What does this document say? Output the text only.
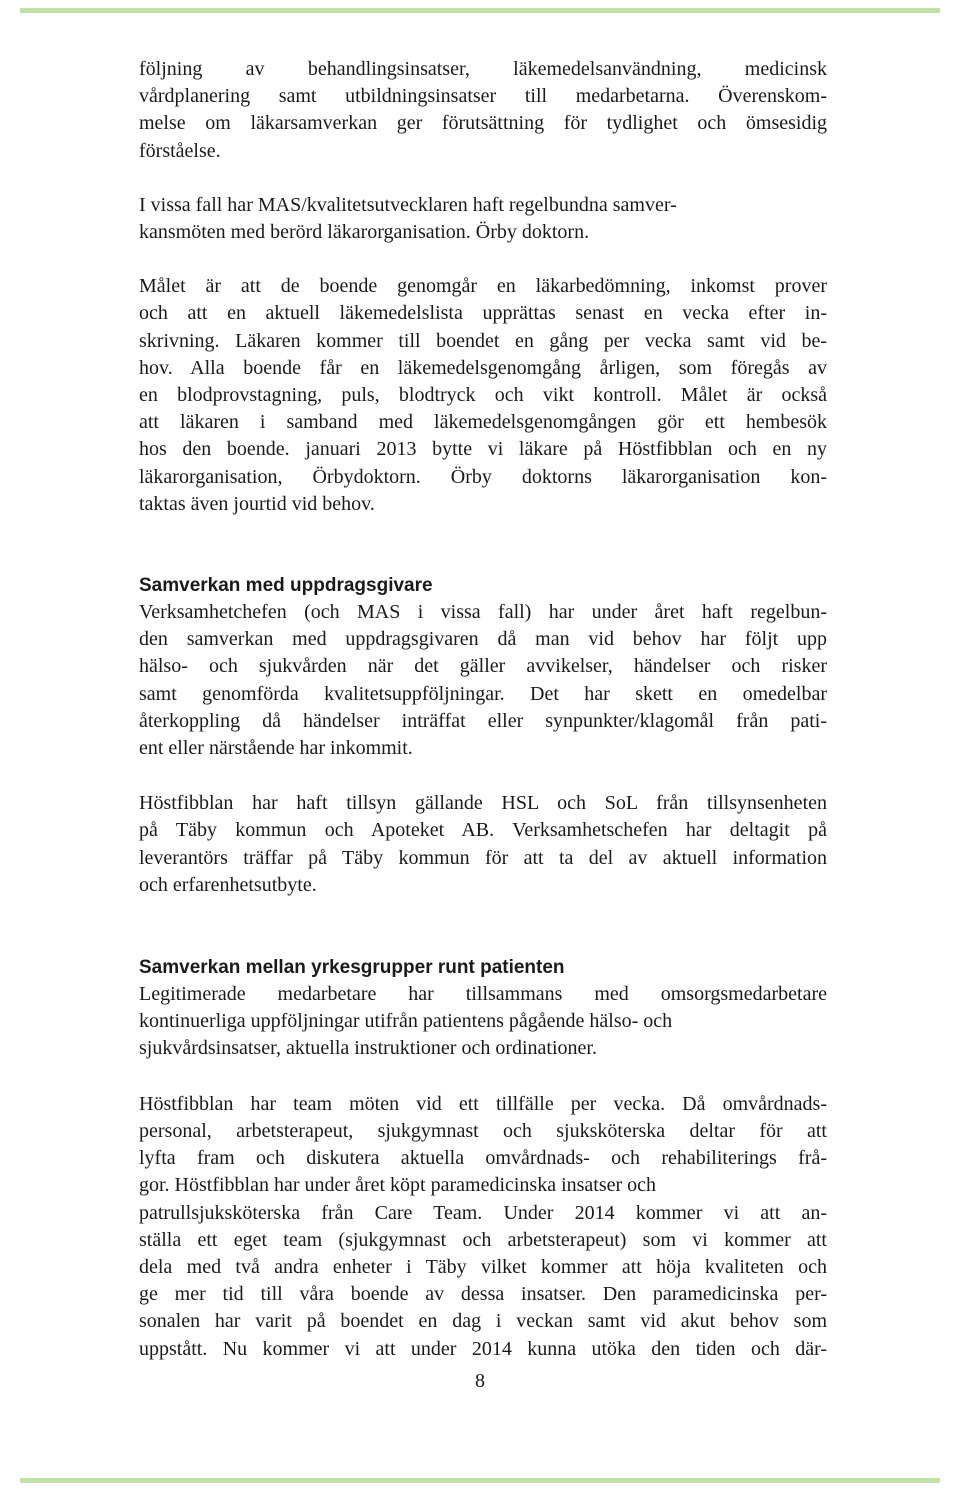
följning av behandlingsinsatser, läkemedelsanvändning, medicinsk
vårdplanering samt utbildningsinsatser till medarbetarna. Överenskom-
melse om läkarsamverkan ger förutsättning för tydlighet och ömsesidig
förståelse.

I vissa fall har MAS/kvalitetsutvecklaren haft regelbundna samver-
kansmöten med berörd läkarorganisation. Örby doktorn.

Målet är att de boende genomgår en läkarbedömning, inkomst prover
och att en aktuell läkemedelslista upprättas senast en vecka efter in-
skrivning. Läkaren kommer till boendet en gång per vecka samt vid be-
hov. Alla boende får en läkemedelsgenomgång årligen, som föregås av
en blodprovstagning, puls, blodtryck och vikt kontroll. Målet är också
att läkaren i samband med läkemedelsgenomgången gör ett hembesök
hos den boende. januari 2013 bytte vi läkare på Höstfibblan och en ny
läkarorganisation, Örbydoktorn. Örby doktorns läkarorganisation kon-
taktas även jourtid vid behov.

Samverkan med uppdragsgivare

Verksamhetchefen (och MAS i vissa fall) har under året haft regelbun-
den samverkan med uppdragsgivaren då man vid behov har följt upp
hälso- och sjukvården när det gäller avvikelser, händelser och risker
samt genomförda kvalitetsuppföljningar. Det har skett en omedelbar
återkoppling då händelser inträffat eller synpunkter/klagomål från pati-
ent eller närstående har inkommit.

Höstfibblan har haft tillsyn gällande HSL och SoL från tillsynsenheten
på Täby kommun och Apoteket AB. Verksamhetschefen har deltagit på
leverantörs träffar på Täby kommun för att ta del av aktuell information
och erfarenhetsutbyte.

Samverkan mellan yrkesgrupper runt patienten

Legitimerade medarbetare har tillsammans med omsorgsmedarbetare
kontinuerliga uppföljningar utifrån patientens pågående hälso- och
sjukvårdsinsatser, aktuella instruktioner och ordinationer.

Höstfibblan har team möten vid ett tillfälle per vecka. Då omvårdnads-
personal, arbetsterapeut, sjukgymnast och sjuksköterska deltar för att
lyfta fram och diskutera aktuella omvårdnads- och rehabiliterings frå-
gor. Höstfibblan har under året köpt paramedicinska insatser och
patrullsjuksköterska från Care Team. Under 2014 kommer vi att an-
ställa ett eget team (sjukgymnast och arbetsterapeut) som vi kommer att
dela med två andra enheter i Täby vilket kommer att höja kvaliteten och
ge mer tid till våra boende av dessa insatser. Den paramedicinska per-
sonalen har varit på boendet en dag i veckan samt vid akut behov som
uppstått. Nu kommer vi att under 2014 kunna utöka den tiden och där-

8
